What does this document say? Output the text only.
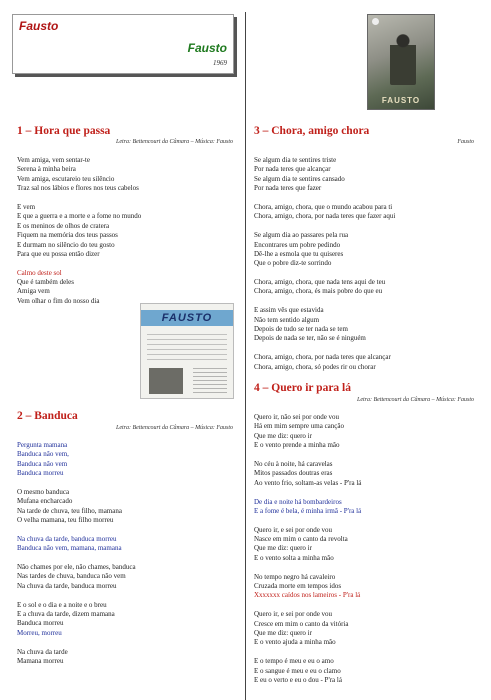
Fausto
Fausto
1969
FAUSTO
1 – Hora que passa
Letra: Bettencourt da Câmara – Música: Fausto
Vem amiga, vem sentar-te
Serena à minha beira
Vem amiga, escutareio teu silêncio
Traz sal nos lábios e flores nos teus cabelos
E vem
E que a guerra e a morte e a fome no mundo
E os meninos de olhos de cratera
Fiquem na memória dos teus passos
E durmam no silêncio do teu gosto
Para que eu possa então dizer
Calmo deste sol
Que é também deles
Amiga vem
Vem olhar o fim do nosso dia
FAUSTO
2 – Banducа
Letra: Bettencourt da Câmara – Música: Fausto
Pergunta mamana
Banduca não vem,
Banduca não vem
Banduca morreu
O mesmo banduca
Mufana encharcado
Na tarde de chuva, teu filho, mamana
O velha mamana, teu filho morreu
Na chuva da tarde, banduca morreu
Banduca não vem, mamana, mamana
Não chames por ele, não chames, banduca
Nas tardes de chuva, banduca não vem
Na chuva da tarde, banduca morreu
E o sol e o dia e a noite e o breu
E a chuva da tarde, dizem mamana
Banduca morreu
Morreu, morreu
Na chuva da tarde
Mamana morreu
3 – Chora, amigo chora
Fausto
Se algum dia te sentires triste
Por nada teres que alcançar
Se algum dia te sentires cansado
Por nada teres que fazer
Chora, amigo, chora, que o mundo acabou para ti
Chora, amigo, chora, por nada teres que fazer aqui
Se algum dia ao passares pela rua
Encontrares um pobre pedindo
Dê-lhe a esmola que tu quiseres
Que o pobre diz-te sorrindo
Chora, amigo, chora, que nada tens aqui de teu
Chora, amigo, chora, és mais pobre do que eu
E assim vês que estavida
Não tem sentido algum
Depois de tudo se ter nada se tem
Depois de nada se ter, não se é ninguém
Chora, amigo, chora, por nada teres que alcançar
Chora, amigo, chora, só podes rir ou chorar
4 – Quero ir para lá
Letra: Bettencourt da Câmara – Música: Fausto
Quero ir, não sei por onde vou
Há em mim sempre uma canção
Que me diz: quero ir
E o vento prende a minha mão
No céu à noite, há caravelas
Mitos passados doutras eras
Ao vento frio, soltam-as velas - P'ra lá
De dia e noite há bombardeiros
E a fome é bela, é minha irmã - P'ra lá
Quero ir, e sei por onde vou
Nasce em mim o canto da revolta
Que me diz: quero ir
E o vento solta a minha mão
No tempo negro há cavaleiro
Cruzada morte em tempos idos
Xxxxxxx caídos nos lameiros - P'ra lá
Quero ir, e sei por onde vou
Cresce em mim o canto da vitória
Que me diz: quero ir
E o vento ajuda a minha mão
E o tempo é meu e eu o amo
E o sangue é meu e eu o clamo
E eu o verto e eu o dou - P'ra lá
